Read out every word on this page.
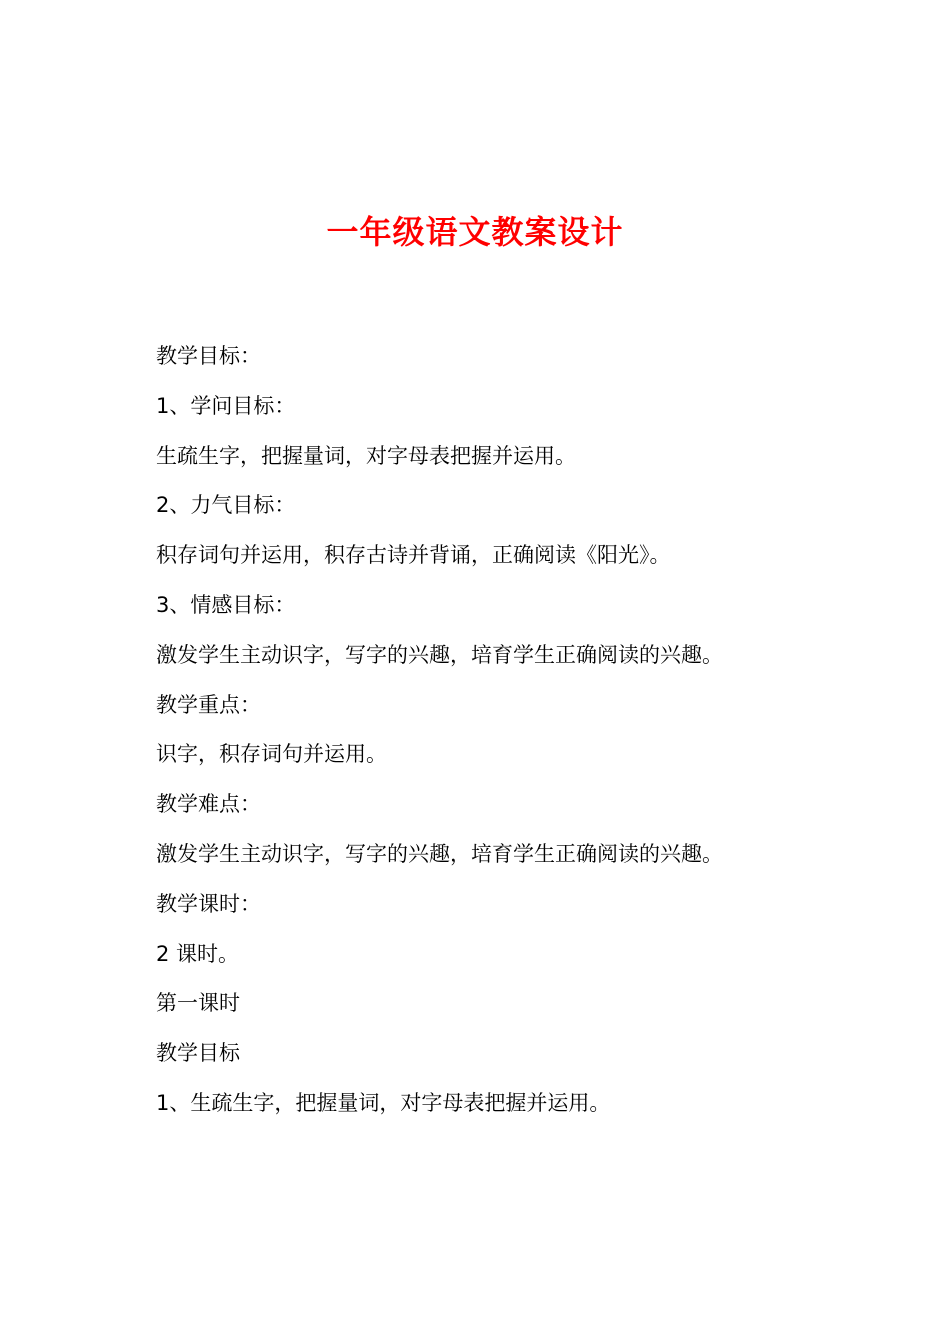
一年级语文教案设计
教学目标：
1、学问目标：
生疏生字，把握量词，对字母表把握并运用。
2、力气目标：
积存词句并运用，积存古诗并背诵，正确阅读《阳光》。
3、情感目标：
激发学生主动识字，写字的兴趣，培育学生正确阅读的兴趣。
教学重点：
识字，积存词句并运用。
教学难点：
激发学生主动识字，写字的兴趣，培育学生正确阅读的兴趣。
教学课时：
2 课时。
第一课时
教学目标
1、生疏生字，把握量词，对字母表把握并运用。
